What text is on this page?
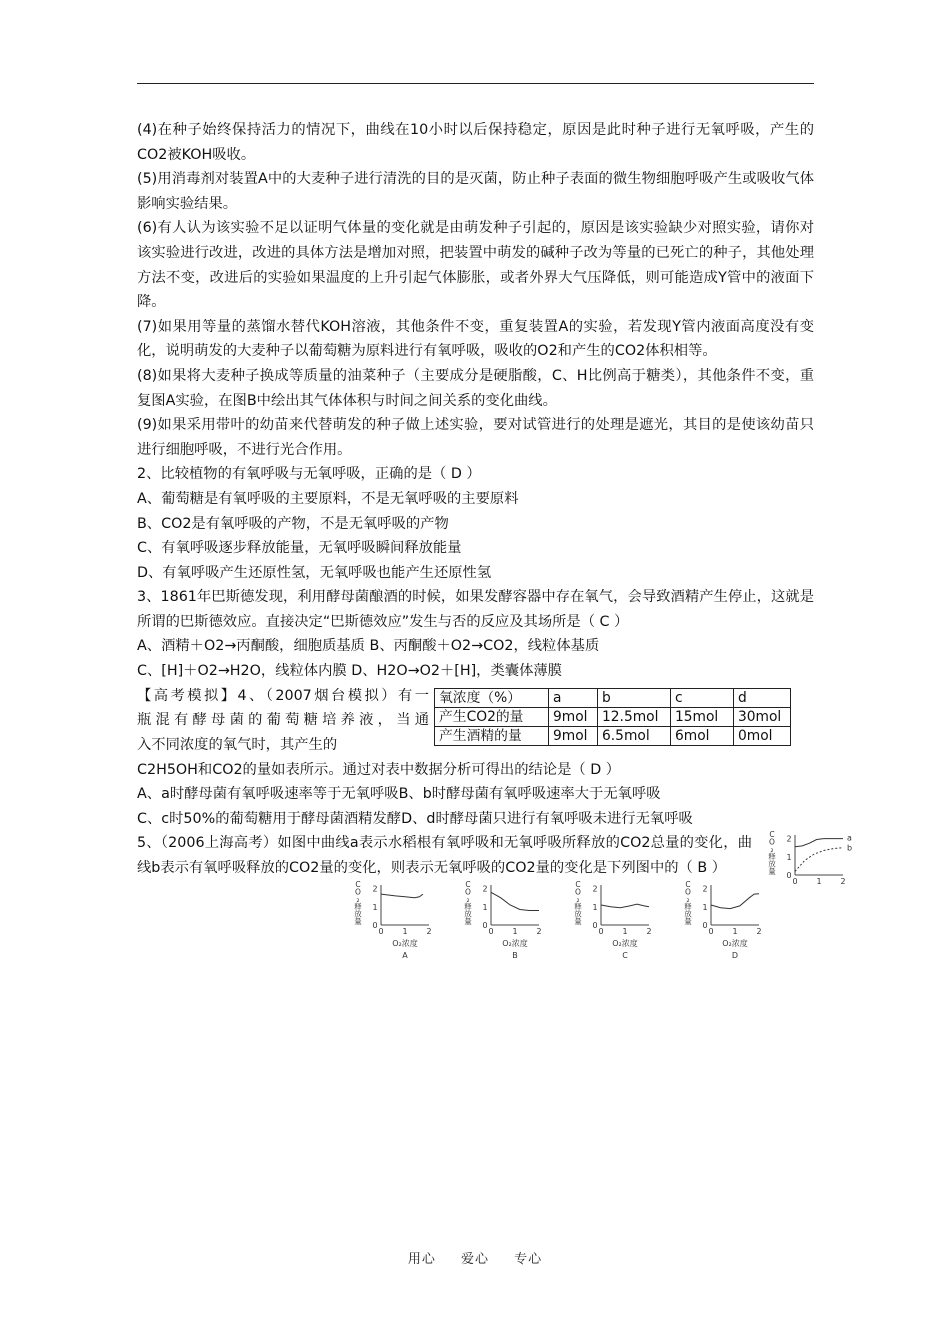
(4)在种子始终保持活力的情况下，曲线在10小时以后保持稳定，原因是此时种子进行无氧呼吸，产生的CO2被KOH吸收。

(5)用消毒剂对装置A中的大麦种子进行清洗的目的是灭菌，防止种子表面的微生物细胞呼吸产生或吸收气体影响实验结果。

(6)有人认为该实验不足以证明气体量的变化就是由萌发种子引起的，原因是该实验缺少对照实验，请你对该实验进行改进，改进的具体方法是增加对照，把装置中萌发的碱种子改为等量的已死亡的种子，其他处理方法不变，改进后的实验如果温度的上升引起气体膨胀，或者外界大气压降低，则可能造成Y管中的液面下降。

(7)如果用等量的蒸馏水替代KOH溶液，其他条件不变，重复装置A的实验，若发现Y管内液面高度没有变化，说明萌发的大麦种子以葡萄糖为原料进行有氧呼吸，吸收的O2和产生的CO2体积相等。

(8)如果将大麦种子换成等质量的油菜种子（主要成分是硬脂酸，C、H比例高于糖类），其他条件不变，重复图A实验，在图B中绘出其气体体积与时间之间关系的变化曲线。

(9)如果采用带叶的幼苗来代替萌发的种子做上述实验，要对试管进行的处理是遮光，其目的是使该幼苗只进行细胞呼吸，不进行光合作用。

2、比较植物的有氧呼吸与无氧呼吸，正确的是（ D ）

A、葡萄糖是有氧呼吸的主要原料，不是无氧呼吸的主要原料

B、CO2是有氧呼吸的产物，不是无氧呼吸的产物

C、有氧呼吸逐步释放能量，无氧呼吸瞬间释放能量

D、有氧呼吸产生还原性氢，无氧呼吸也能产生还原性氢

3、1861年巴斯德发现，利用酵母菌酿酒的时候，如果发酵容器中存在氧气，会导致酒精产生停止，这就是所谓的巴斯德效应。直接决定“巴斯德效应”发生与否的反应及其场所是（ C ）

A、酒精＋O2→丙酮酸，细胞质基质 B、丙酮酸＋O2→CO2，线粒体基质

C、[H]＋O2→H2O，线粒体内膜 D、H2O→O2＋[H]，类囊体薄膜

【高考模拟】4、（2007烟台模拟）有一

瓶混有酵母菌的葡萄糖培养液，当通

入不同浓度的氧气时，其产生的

氧浓度（%）	a	b	c	d
产生CO2的量	9mol	12.5mol	15mol	30mol
产生酒精的量	9mol	6.5mol	6mol	0mol

C2H5OH和CO2的量如表所示。通过对表中数据分析可得出的结论是（ D ）

A、a时酵母菌有氧呼吸速率等于无氧呼吸B、b时酵母菌有氧呼吸速率大于无氧呼吸

C、c时50%的葡萄糖用于酵母菌酒精发酵D、d时酵母菌只进行有氧呼吸未进行无氧呼吸

5、（2006上海高考）如图中曲线a表示水稻根有氧呼吸和无氧呼吸所释放的CO2总量的变化，曲线b表示有氧呼吸释放的CO2量的变化，则表示无氧呼吸的CO2量的变化是下列图中的（ B ）

C
O
₂
释
放
量
2
1
0
0 1 2
a
b
C
O
₂
释
放
量
2
1
0
0 1 2
O₂浓度
A
C
O
₂
释
放
量
2
1
0
0 1 2
O₂浓度
B
C
O
₂
释
放
量
2
1
0
0 1 2
O₂浓度
C
C
O
₂
释
放
量
2
1
0
0 1 2
O₂浓度
D
用心 爱心 专心
